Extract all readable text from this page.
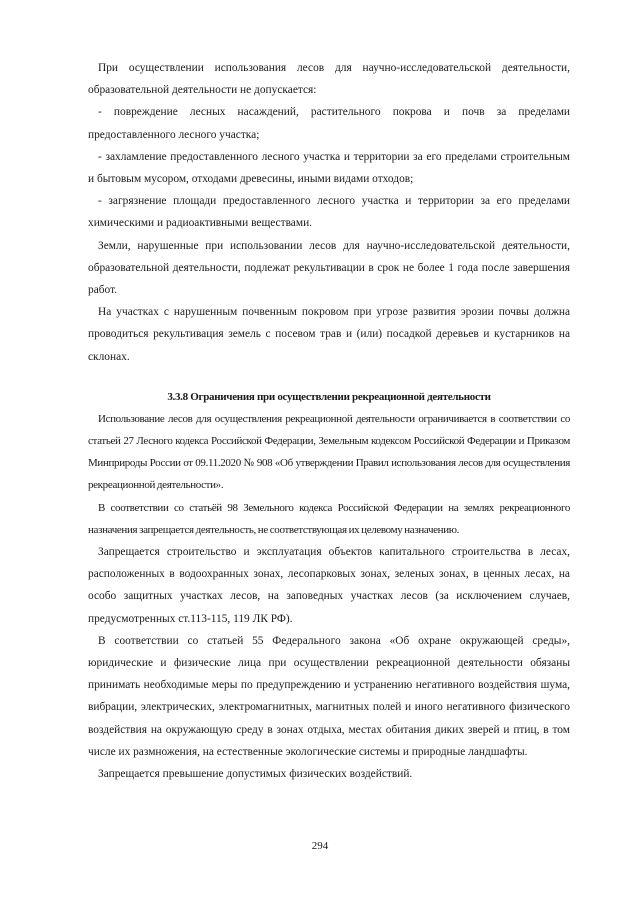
При осуществлении использования лесов для научно-исследовательской деятельности, образовательной деятельности не допускается:

- повреждение лесных насаждений, растительного покрова и почв за пределами предоставленного лесного участка;

- захламление предоставленного лесного участка и территории за его пределами строительным и бытовым мусором, отходами древесины, иными видами отходов;

- загрязнение площади предоставленного лесного участка и территории за его пределами химическими и радиоактивными веществами.

Земли, нарушенные при использовании лесов для научно-исследовательской деятельности, образовательной деятельности, подлежат рекультивации в срок не более 1 года после завершения работ.

На участках с нарушенным почвенным покровом при угрозе развития эрозии почвы должна проводиться рекультивация земель с посевом трав и (или) посадкой деревьев и кустарников на склонах.

3.3.8 Ограничения при осуществлении рекреационной деятельности

Использование лесов для осуществления рекреационной деятельности ограничивается в соответствии со статьей 27 Лесного кодекса Российской Федерации, Земельным кодексом Российской Федерации и Приказом Минприроды России от 09.11.2020 № 908 «Об утверждении Правил использования лесов для осуществления рекреационной деятельности».

В соответствии со статьёй 98 Земельного кодекса Российской Федерации на землях рекреационного назначения запрещается деятельность, не соответствующая их целевому назначению.

Запрещается строительство и эксплуатация объектов капитального строительства в лесах, расположенных в водоохранных зонах, лесопарковых зонах, зеленых зонах, в ценных лесах, на особо защитных участках лесов, на заповедных участках лесов (за исключением случаев, предусмотренных ст.113-115, 119 ЛК РФ).

В соответствии со статьей 55 Федерального закона «Об охране окружающей среды», юридические и физические лица при осуществлении рекреационной деятельности обязаны принимать необходимые меры по предупреждению и устранению негативного воздействия шума, вибрации, электрических, электромагнитных, магнитных полей и иного негативного физического воздействия на окружающую среду в зонах отдыха, местах обитания диких зверей и птиц, в том числе их размножения, на естественные экологические системы и природные ландшафты.

Запрещается превышение допустимых физических воздействий.

294
